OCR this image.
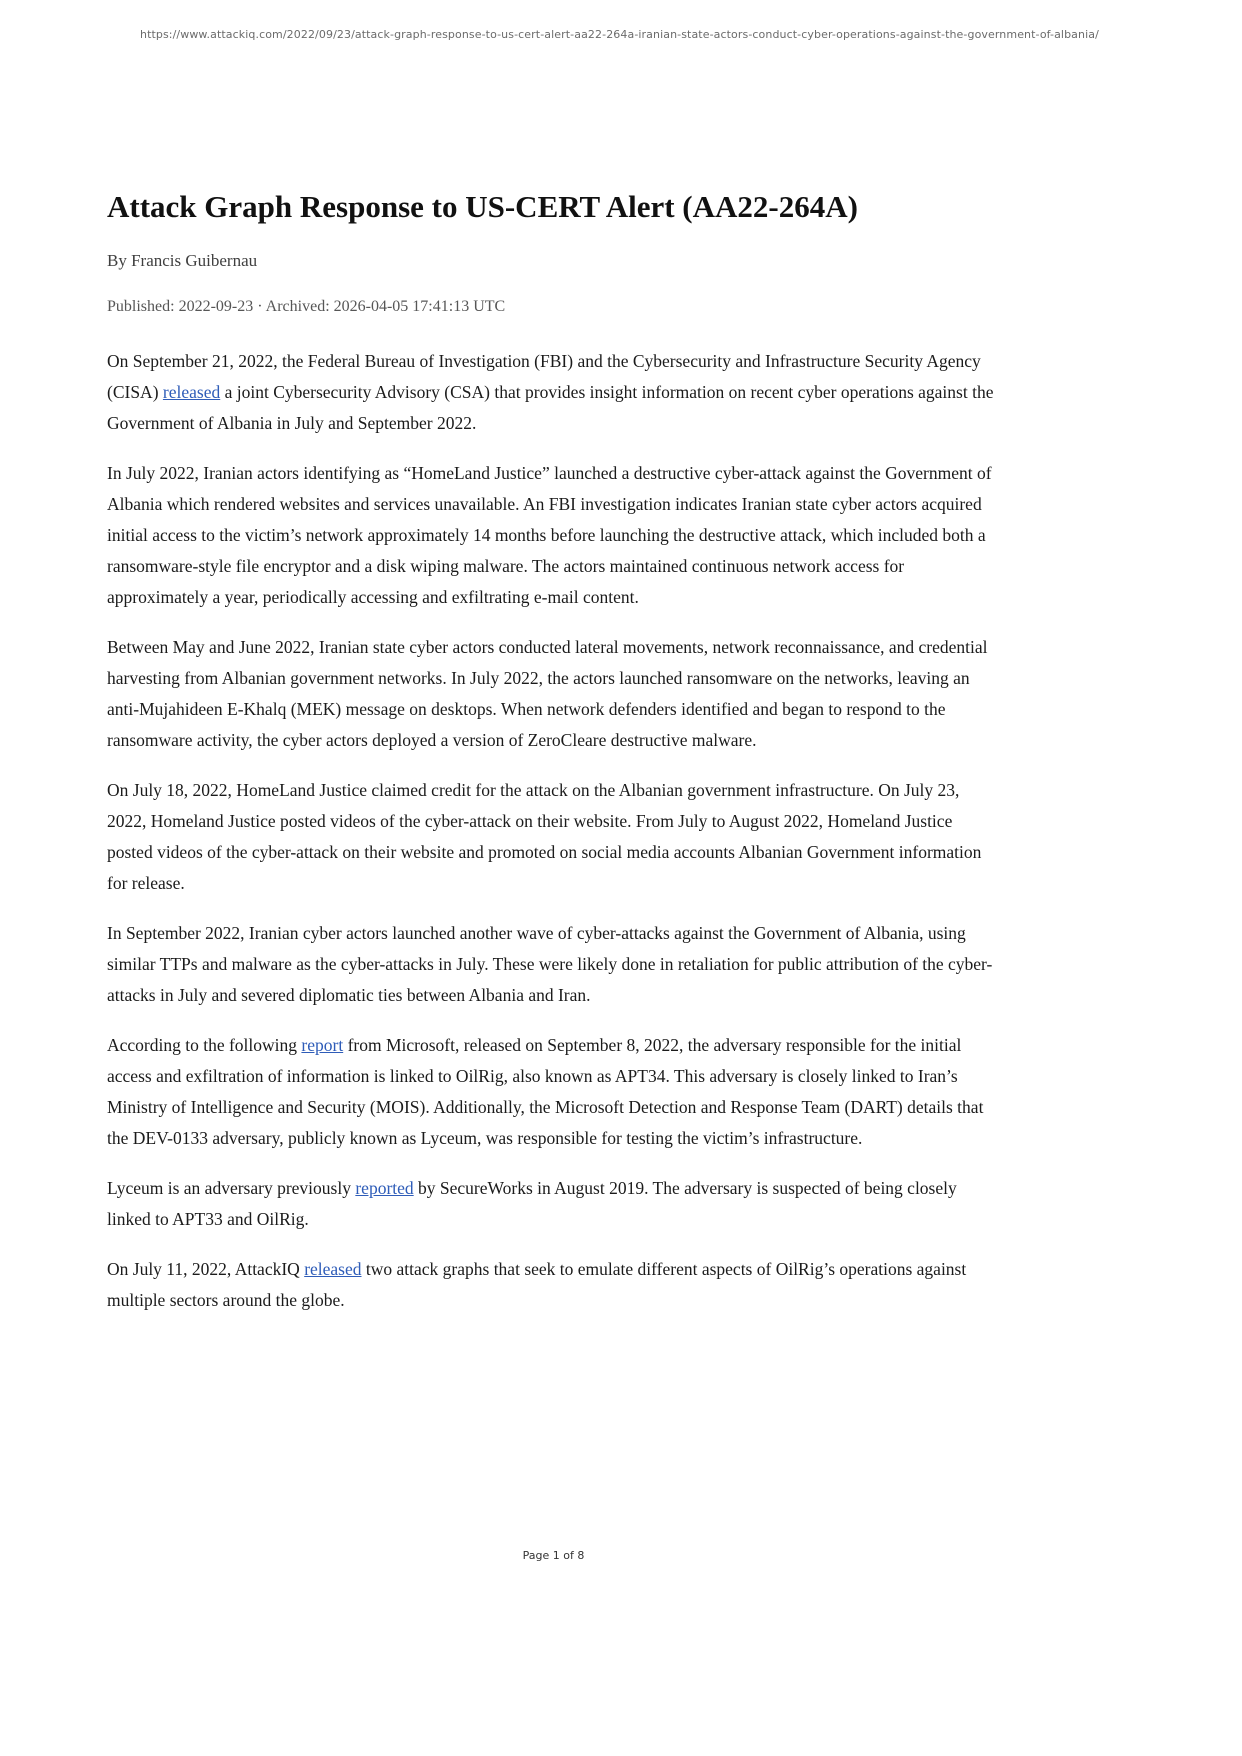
https://www.attackiq.com/2022/09/23/attack-graph-response-to-us-cert-alert-aa22-264a-iranian-state-actors-conduct-cyber-operations-against-the-government-of-albania/
Attack Graph Response to US-CERT Alert (AA22-264A)
By Francis Guibernau
Published: 2022-09-23 · Archived: 2026-04-05 17:41:13 UTC

On September 21, 2022, the Federal Bureau of Investigation (FBI) and the Cybersecurity and Infrastructure Security Agency (CISA) released a joint Cybersecurity Advisory (CSA) that provides insight information on recent cyber operations against the Government of Albania in July and September 2022.

In July 2022, Iranian actors identifying as “HomeLand Justice” launched a destructive cyber-attack against the Government of Albania which rendered websites and services unavailable. An FBI investigation indicates Iranian state cyber actors acquired initial access to the victim’s network approximately 14 months before launching the destructive attack, which included both a ransomware-style file encryptor and a disk wiping malware. The actors maintained continuous network access for approximately a year, periodically accessing and exfiltrating e-mail content.

Between May and June 2022, Iranian state cyber actors conducted lateral movements, network reconnaissance, and credential harvesting from Albanian government networks. In July 2022, the actors launched ransomware on the networks, leaving an anti-Mujahideen E-Khalq (MEK) message on desktops. When network defenders identified and began to respond to the ransomware activity, the cyber actors deployed a version of ZeroCleare destructive malware.

On July 18, 2022, HomeLand Justice claimed credit for the attack on the Albanian government infrastructure. On July 23, 2022, Homeland Justice posted videos of the cyber-attack on their website. From July to August 2022, Homeland Justice posted videos of the cyber-attack on their website and promoted on social media accounts Albanian Government information for release.

In September 2022, Iranian cyber actors launched another wave of cyber-attacks against the Government of Albania, using similar TTPs and malware as the cyber-attacks in July. These were likely done in retaliation for public attribution of the cyber-attacks in July and severed diplomatic ties between Albania and Iran.

According to the following report from Microsoft, released on September 8, 2022, the adversary responsible for the initial access and exfiltration of information is linked to OilRig, also known as APT34. This adversary is closely linked to Iran’s Ministry of Intelligence and Security (MOIS). Additionally, the Microsoft Detection and Response Team (DART) details that the DEV-0133 adversary, publicly known as Lyceum, was responsible for testing the victim’s infrastructure.

Lyceum is an adversary previously reported by SecureWorks in August 2019. The adversary is suspected of being closely linked to APT33 and OilRig.

On July 11, 2022, AttackIQ released two attack graphs that seek to emulate different aspects of OilRig’s operations against multiple sectors around the globe.

Page 1 of 8
